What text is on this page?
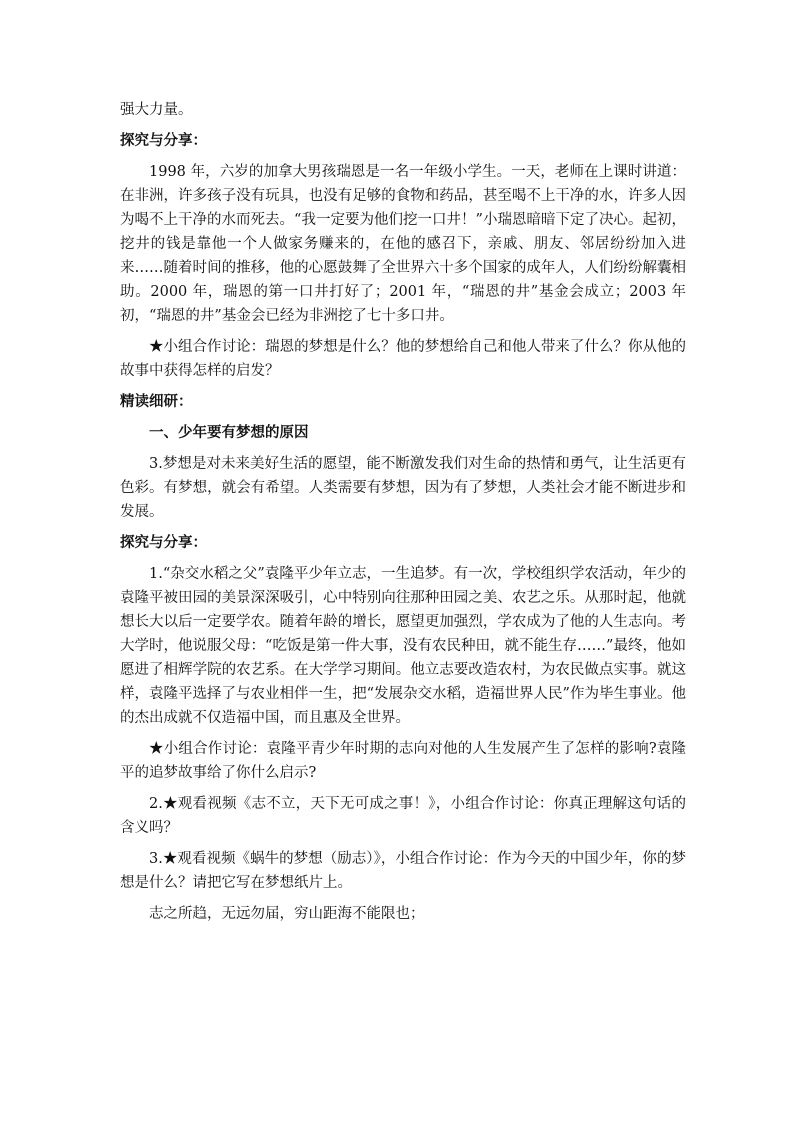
强大力量。

探究与分享：

1998 年，六岁的加拿大男孩瑞恩是一名一年级小学生。一天，老师在上课时讲道：在非洲，许多孩子没有玩具，也没有足够的食物和药品，甚至喝不上干净的水，许多人因为喝不上干净的水而死去。“我一定要为他们挖一口井！”小瑞恩暗暗下定了决心。起初，挖井的钱是靠他一个人做家务赚来的，在他的感召下，亲戚、朋友、邻居纷纷加入进来……随着时间的推移，他的心愿鼓舞了全世界六十多个国家的成年人，人们纷纷解囊相助。2000 年，瑞恩的第一口井打好了；2001 年，“瑞恩的井”基金会成立；2003 年初，“瑞恩的井”基金会已经为非洲挖了七十多口井。

★小组合作讨论：瑞恩的梦想是什么？他的梦想给自己和他人带来了什么？你从他的故事中获得怎样的启发？

精读细研：

一、少年要有梦想的原因

3.梦想是对未来美好生活的愿望，能不断激发我们对生命的热情和勇气，让生活更有色彩。有梦想，就会有希望。人类需要有梦想，因为有了梦想，人类社会才能不断进步和发展。

探究与分享：

1.“杂交水稻之父”袁隆平少年立志，一生追梦。有一次，学校组织学农活动，年少的袁隆平被田园的美景深深吸引，心中特别向往那种田园之美、农艺之乐。从那时起，他就想长大以后一定要学农。随着年龄的增长，愿望更加强烈，学农成为了他的人生志向。考大学时，他说服父母：“吃饭是第一件大事，没有农民种田，就不能生存……”最终，他如愿进了相辉学院的农艺系。在大学学习期间。他立志要改造农村，为农民做点实事。就这样，袁隆平选择了与农业相伴一生，把“发展杂交水稻，造福世界人民”作为毕生事业。他的杰出成就不仅造福中国，而且惠及全世界。

★小组合作讨论：袁隆平青少年时期的志向对他的人生发展产生了怎样的影响?袁隆平的追梦故事给了你什么启示?

2.★观看视频《志不立，天下无可成之事！》，小组合作讨论：你真正理解这句话的含义吗？

3.★观看视频《蜗牛的梦想（励志）》，小组合作讨论：作为今天的中国少年，你的梦想是什么？请把它写在梦想纸片上。

志之所趋，无远勿届，穷山距海不能限也；
